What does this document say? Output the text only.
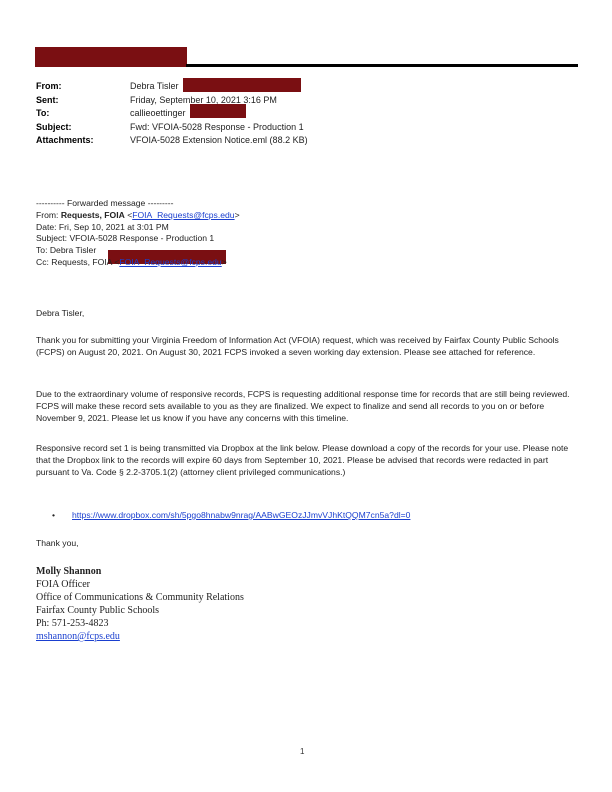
From:	Debra Tisler
Sent:	Friday, September 10, 2021 3:16 PM
To:	callieoettinger
Subject:	Fwd: VFOIA-5028 Response - Production 1
Attachments:	VFOIA-5028 Extension Notice.eml (88.2 KB)
---------- Forwarded message ---------
From: Requests, FOIA <FOIA_Requests@fcps.edu>
Date: Fri, Sep 10, 2021 at 3:01 PM
Subject: VFOIA-5028 Response - Production 1
To: Debra Tisler
Cc: Requests, FOIA <FOIA_Requests@fcps.edu>

Debra Tisler,

Thank you for submitting your Virginia Freedom of Information Act (VFOIA) request, which was received by Fairfax County Public Schools (FCPS) on August 20, 2021. On August 30, 2021 FCPS invoked a seven working day extension. Please see attached for reference.

Due to the extraordinary volume of responsive records, FCPS is requesting additional response time for records that are still being reviewed. FCPS will make these record sets available to you as they are finalized. We expect to finalize and send all records to you on or before November 9, 2021. Please let us know if you have any concerns with this timeline.

Responsive record set 1 is being transmitted via Dropbox at the link below. Please download a copy of the records for your use. Please note that the Dropbox link to the records will expire 60 days from September 10, 2021. Please be advised that records were redacted in part pursuant to Va. Code § 2.2-3705.1(2) (attorney client privileged communications.)

•	https://www.dropbox.com/sh/5pgo8hnabw9nrag/AABwGEOzJJmvVJhKtQQM7cn5a?dl=0

Thank you,

Molly Shannon
FOIA Officer
Office of Communications & Community Relations
Fairfax County Public Schools
Ph: 571-253-4823
mshannon@fcps.edu
1
